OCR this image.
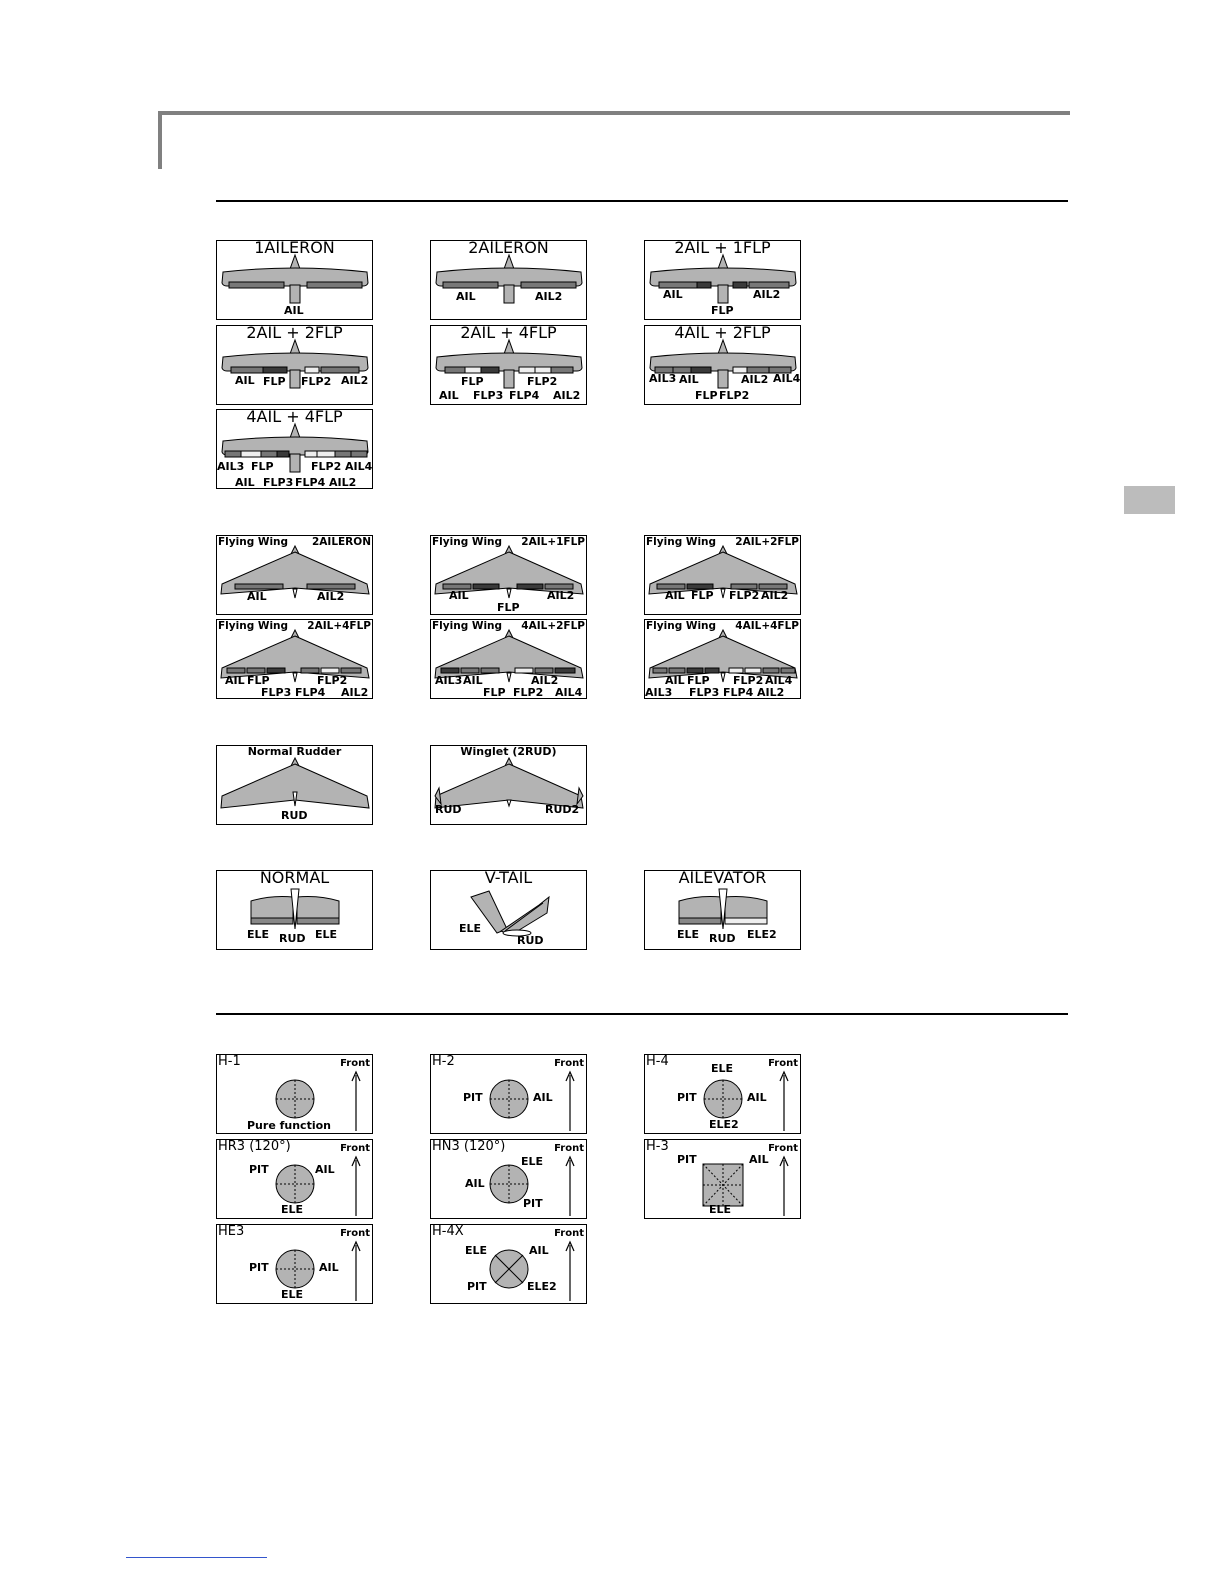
1AILERON
AIL
2AILERON
AIL	AIL2
2AIL + 1FLP
AIL	AIL2
FLP
2AIL + 2FLP
AIL FLP FLP2 AIL2
2AIL + 4FLP
FLP	FLP2
AIL FLP3 FLP4 AIL2
4AIL + 2FLP
AIL3 AIL	AIL2 AIL4
FLP FLP2
4AIL + 4FLP
AIL3 FLP	FLP2 AIL4
AIL FLP3 FLP4 AIL2
Flying Wing 2AILERON
AIL	AIL2
Flying Wing 2AIL+1FLP
AIL	AIL2
FLP
Flying Wing 2AIL+2FLP
AIL FLP FLP2 AIL2
Flying Wing 2AIL+4FLP
AIL FLP	FLP2
FLP3 FLP4 AIL2
Flying Wing 4AIL+2FLP
AIL3 AIL	AIL2
FLP FLP2 AIL4
Flying Wing 4AIL+4FLP
AIL FLP FLP2 AIL4
AIL3 FLP3 FLP4 AIL2
Normal Rudder
RUD
Winglet (2RUD)
RUD	RUD2
NORMAL
ELE RUD ELE
V-TAIL
ELE
RUD
AILEVATOR
ELE RUD ELE2
H-1	Front
Pure function
H-2	Front
PIT	AIL
H-4	Front
ELE
PIT	AIL
ELE2
HR3 (120°)	Front
PIT	AIL
ELE
HN3 (120°)	Front
ELE
AIL
PIT
H-3	Front
PIT	AIL
ELE
HE3	Front
PIT	AIL
ELE
H-4X	Front
ELE	AIL
PIT	ELE2
